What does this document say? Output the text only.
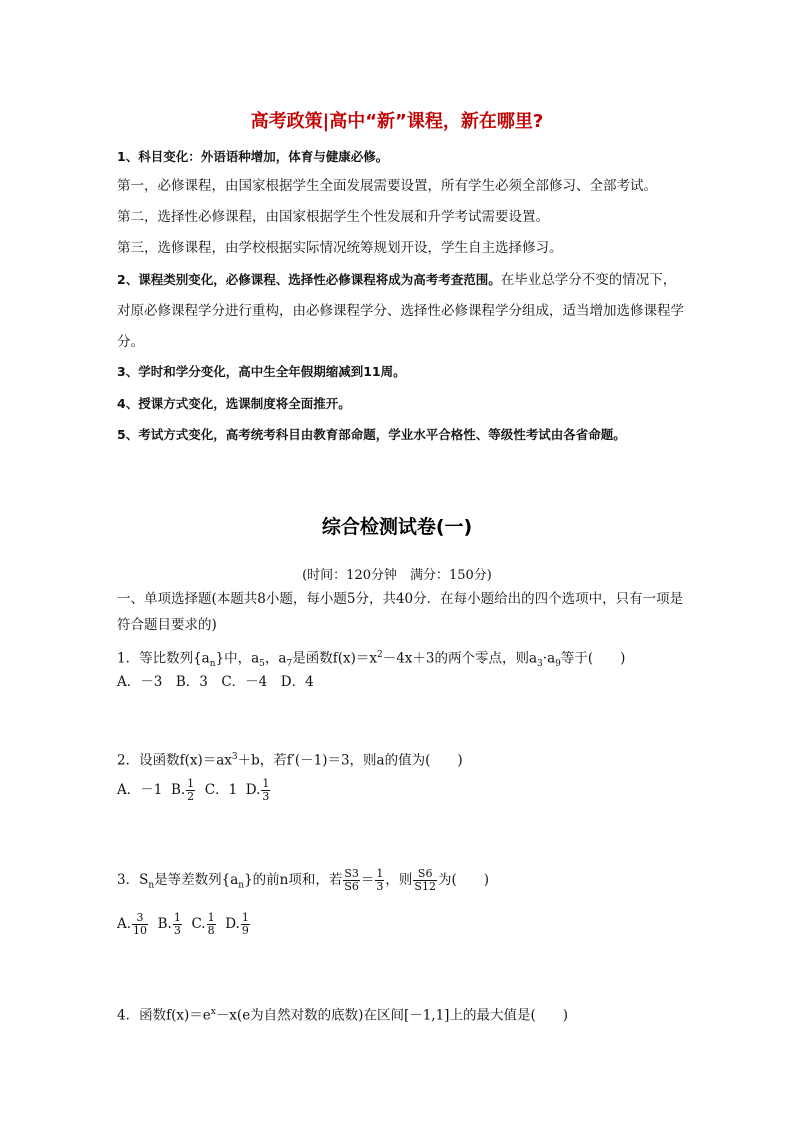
高考政策|高中“新”课程，新在哪里?
1、科目变化：外语语种增加，体育与健康必修。
第一，必修课程，由国家根据学生全面发展需要设置，所有学生必须全部修习、全部考试。
第二，选择性必修课程，由国家根据学生个性发展和升学考试需要设置。
第三，选修课程，由学校根据实际情况统筹规划开设，学生自主选择修习。
2、课程类别变化，必修课程、选择性必修课程将成为高考考查范围。在毕业总学分不变的情况下，对原必修课程学分进行重构，由必修课程学分、选择性必修课程学分组成，适当增加选修课程学分。
3、学时和学分变化，高中生全年假期缩减到11周。
4、授课方式变化，选课制度将全面推开。
5、考试方式变化，高考统考科目由教育部命题，学业水平合格性、等级性考试由各省命题。
综合检测试卷(一)
(时间：120分钟　满分：150分)
一、单项选择题(本题共8小题，每小题5分，共40分．在每小题给出的四个选项中，只有一项是符合题目要求的)
1．等比数列$\{a_n\}$中，$a_5$，$a_7$是函数$f(x)=x^2-4x+3$的两个零点，则$a_3\cdot a_9$等于(　　)
A．－3　B．3　C．－4　D．4
2．设函数$f(x)=ax^3+b$，若f′(－1)＝3，则a的值为(　　)
A．－1 B. $\frac{1}{2}$ C．1 D. $\frac{1}{3}$
3．$S_n$是等差数列$\{a_n\}$的前n项和，若 $\frac{S3}{S6} = \frac{1}{3}$ ，则 $\frac{S6}{S12}$ 为(　　)
A. $\frac{3}{10} B$. $\frac{1}{3} C$. $\frac{1}{8} D$. $\frac{1}{9}$
4．函数$f(x)=e^x-x(e$为自然对数的底数)在区间[－1,1]上的最大值是(　　)
